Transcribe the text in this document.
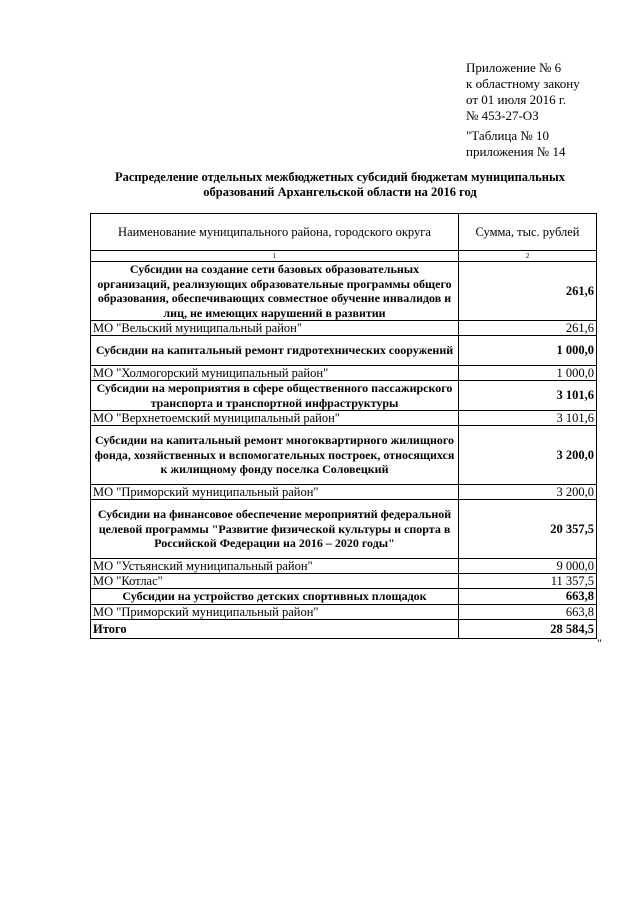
Приложение № 6
к областному закону
от 01 июля 2016 г.
№ 453-27-ОЗ
"Таблица № 10
приложения № 14
Распределение отдельных межбюджетных субсидий бюджетам муниципальных
образований Архангельской области на 2016 год
Наименование муниципального района, городского округа	Сумма, тыс. рублей
1	2
Субсидии на создание сети базовых образовательных организаций, реализующих образовательные программы общего образования, обеспечивающих совместное обучение инвалидов и лиц, не имеющих нарушений в развитии	261,6
МО "Вельский муниципальный район"	261,6
Субсидии на капитальный ремонт гидротехнических сооружений	1 000,0
МО "Холмогорский муниципальный район"	1 000,0
Субсидии на мероприятия в сфере общественного пассажирского транспорта и транспортной инфраструктуры	3 101,6
МО "Верхнетоемский муниципальный район"	3 101,6
Субсидии на капитальный ремонт многоквартирного жилищного фонда, хозяйственных и вспомогательных построек, относящихся к жилищному фонду поселка Соловецкий	3 200,0
МО "Приморский муниципальный район"	3 200,0
Субсидии на финансовое обеспечение мероприятий федеральной целевой программы "Развитие физической культуры и спорта в Российской Федерации на 2016 – 2020 годы"	20 357,5
МО "Устьянский муниципальный район"	9 000,0
МО "Котлас"	11 357,5
Субсидии на устройство детских спортивных площадок	663,8
МО "Приморский муниципальный район"	663,8
Итого	28 584,5
"
